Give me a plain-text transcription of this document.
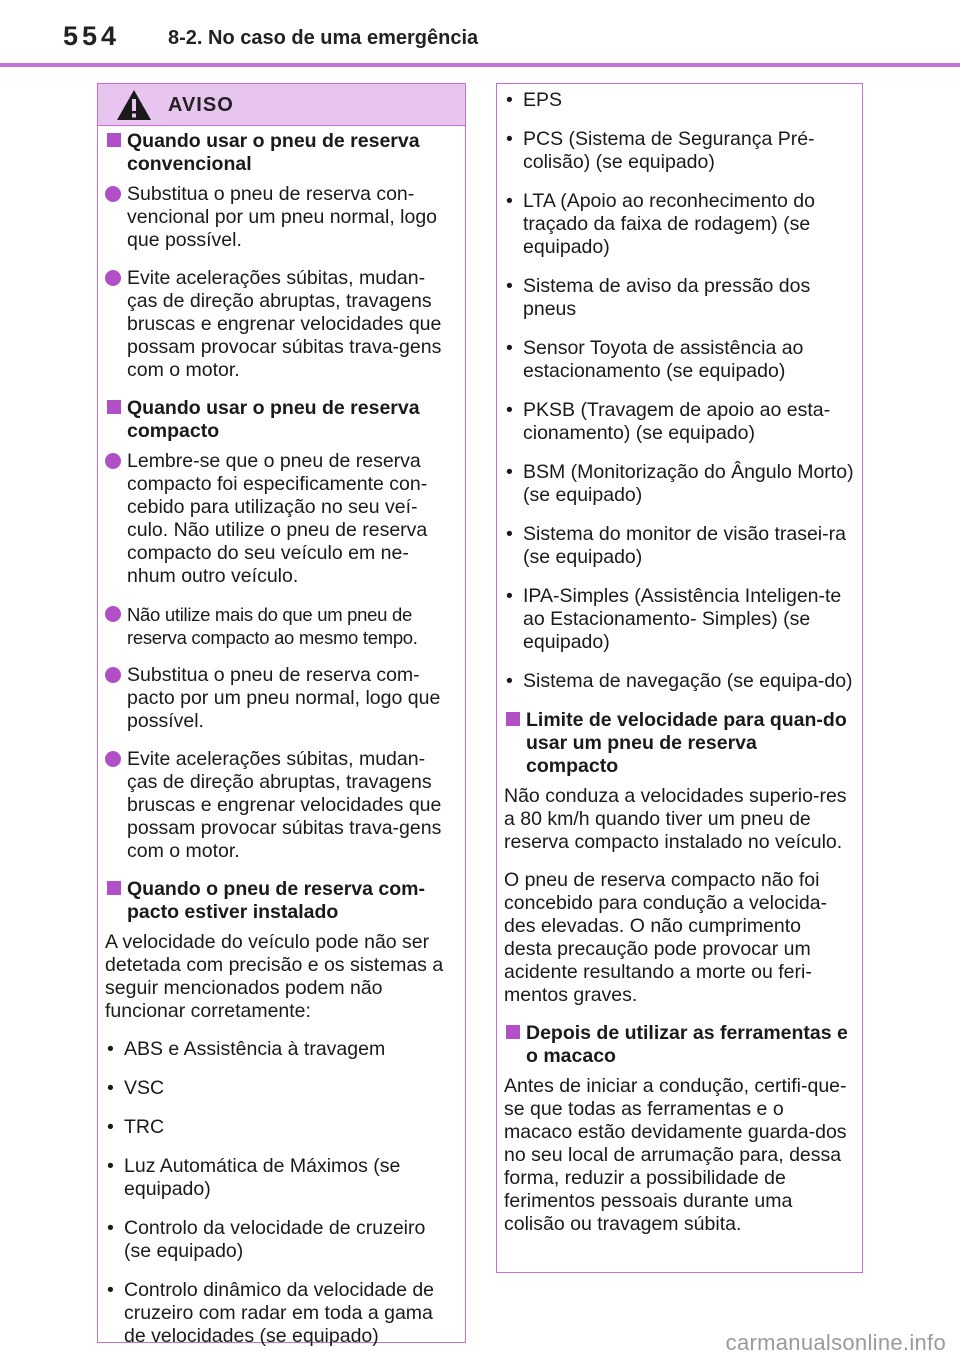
554 8-2. No caso de uma emergência
AVISO
Quando usar o pneu de reserva convencional
Substitua o pneu de reserva con-vencional por um pneu normal, logo que possível.
Evite acelerações súbitas, mudan-ças de direção abruptas, travagens bruscas e engrenar velocidades que possam provocar súbitas trava-gens com o motor.
Quando usar o pneu de reserva compacto
Lembre-se que o pneu de reserva compacto foi especificamente con-cebido para utilização no seu veí-culo. Não utilize o pneu de reserva compacto do seu veículo em ne-nhum outro veículo.
Não utilize mais do que um pneu de reserva compacto ao mesmo tempo.
Substitua o pneu de reserva com-pacto por um pneu normal, logo que possível.
Evite acelerações súbitas, mudan-ças de direção abruptas, travagens bruscas e engrenar velocidades que possam provocar súbitas trava-gens com o motor.
Quando o pneu de reserva com-pacto estiver instalado
A velocidade do veículo pode não ser detetada com precisão e os sistemas a seguir mencionados podem não funcionar corretamente:
• ABS e Assistência à travagem
• VSC
• TRC
• Luz Automática de Máximos (se equipado)
• Controlo da velocidade de cruzeiro (se equipado)
• Controlo dinâmico da velocidade de cruzeiro com radar em toda a gama de velocidades (se equipado)
• EPS
• PCS (Sistema de Segurança Pré-colisão) (se equipado)
• LTA (Apoio ao reconhecimento do traçado da faixa de rodagem) (se equipado)
• Sistema de aviso da pressão dos pneus
• Sensor Toyota de assistência ao estacionamento (se equipado)
• PKSB (Travagem de apoio ao esta-cionamento) (se equipado)
• BSM (Monitorização do Ângulo Morto) (se equipado)
• Sistema do monitor de visão trasei-ra (se equipado)
• IPA-Simples (Assistência Inteligen-te ao Estacionamento- Simples) (se equipado)
• Sistema de navegação (se equipa-do)
Limite de velocidade para quan-do usar um pneu de reserva compacto
Não conduza a velocidades superio-res a 80 km/h quando tiver um pneu de reserva compacto instalado no veículo.
O pneu de reserva compacto não foi concebido para condução a velocida-des elevadas. O não cumprimento desta precaução pode provocar um acidente resultando a morte ou feri-mentos graves.
Depois de utilizar as ferramentas e o macaco
Antes de iniciar a condução, certifi-que-se que todas as ferramentas e o macaco estão devidamente guarda-dos no seu local de arrumação para, dessa forma, reduzir a possibilidade de ferimentos pessoais durante uma colisão ou travagem súbita.
carmanualsonline.info
